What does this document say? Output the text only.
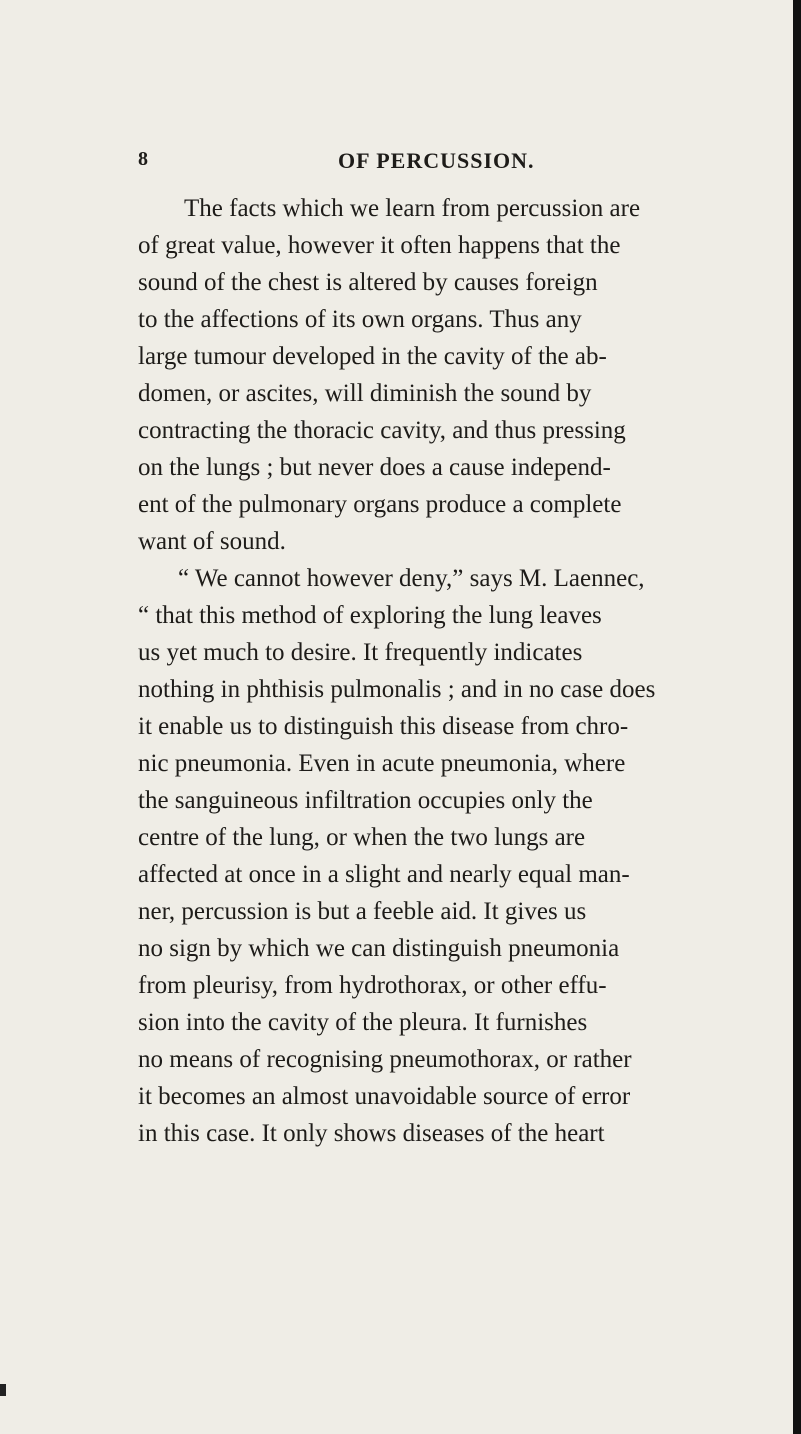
8	OF PERCUSSION.
The facts which we learn from percussion are
of great value, however it often happens that the
sound of the chest is altered by causes foreign
to the affections of its own organs. Thus any
large tumour developed in the cavity of the ab-
domen, or ascites, will diminish the sound by
contracting the thoracic cavity, and thus pressing
on the lungs ; but never does a cause independ-
ent of the pulmonary organs produce a complete
want of sound.
“ We cannot however deny,” says M. Laennec,
“ that this method of exploring the lung leaves
us yet much to desire. It frequently indicates
nothing in phthisis pulmonalis ; and in no case does
it enable us to distinguish this disease from chro-
nic pneumonia. Even in acute pneumonia, where
the sanguineous infiltration occupies only the
centre of the lung, or when the two lungs are
affected at once in a slight and nearly equal man-
ner, percussion is but a feeble aid. It gives us
no sign by which we can distinguish pneumonia
from pleurisy, from hydrothorax, or other effu-
sion into the cavity of the pleura. It furnishes
no means of recognising pneumothorax, or rather
it becomes an almost unavoidable source of error
in this case. It only shows diseases of the heart
